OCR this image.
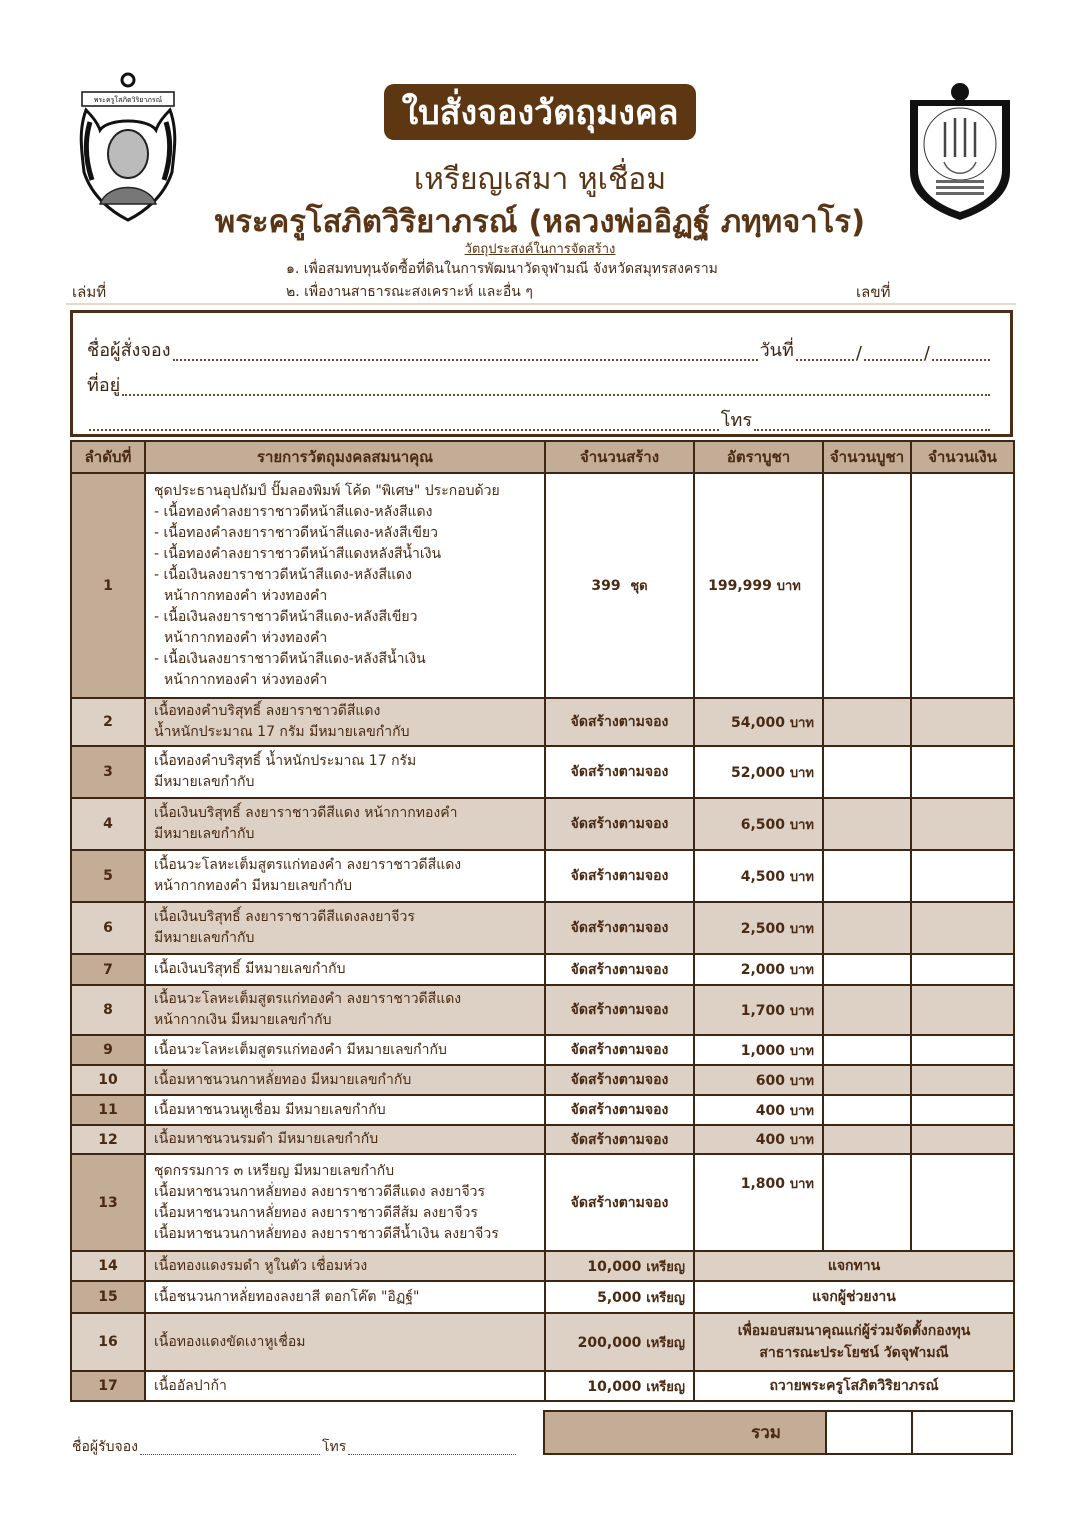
พระครูโสภิตวิริยาภรณ์	ใบสั่งจองวัตถุมงคล
เหรียญเสมา หูเชื่อม
พระครูโสภิตวิริยาภรณ์ (หลวงพ่ออิฏฐ์ ภทฺทจาโร)
วัตถุประสงค์ในการจัดสร้าง
๑. เพื่อสมทบทุนจัดซื้อที่ดินในการพัฒนาวัดจุฬามณี จังหวัดสมุทรสงคราม
๒. เพื่องานสาธารณะสงเคราะห์ และอื่น ๆ
เล่มที่	เลขที่
ชื่อผู้สั่งจอง	วันที่	/	/
ที่อยู่
โทร
ลำดับที่	รายการวัตถุมงคลสมนาคุณ	จำนวนสร้าง	อัตราบูชา	จำนวนบูชา	จำนวนเงิน
1	
ชุดประธานอุปถัมป์ ปั๊มลองพิมพ์ โค้ด "พิเศษ" ประกอบด้วย
- เนื้อทองคำลงยาราชาวดีหน้าสีแดง-หลังสีแดง
- เนื้อทองคำลงยาราชาวดีหน้าสีแดง-หลังสีเขียว
- เนื้อทองคำลงยาราชาวดีหน้าสีแดงหลังสีน้ำเงิน
- เนื้อเงินลงยาราชาวดีหน้าสีแดง-หลังสีแดง
หน้ากากทองคำ ห่วงทองคำ
- เนื้อเงินลงยาราชาวดีหน้าสีแดง-หลังสีเขียว
หน้ากากทองคำ ห่วงทองคำ
- เนื้อเงินลงยาราชาวดีหน้าสีแดง-หลังสีน้ำเงิน
หน้ากากทองคำ ห่วงทองคำ
	399 ชุด	199,999 บาท		
2	เนื้อทองคำบริสุทธิ์ ลงยาราชาวดีสีแดง
น้ำหนักประมาณ 17 กรัม มีหมายเลขกำกับ	จัดสร้างตามจอง	54,000 บาท		
3	เนื้อทองคำบริสุทธิ์ น้ำหนักประมาณ 17 กรัม
มีหมายเลขกำกับ	จัดสร้างตามจอง	52,000 บาท		
4	เนื้อเงินบริสุทธิ์ ลงยาราชาวดีสีแดง หน้ากากทองคำ
มีหมายเลขกำกับ	จัดสร้างตามจอง	6,500 บาท		
5	เนื้อนวะโลหะเต็มสูตรแก่ทองคำ ลงยาราชาวดีสีแดง
หน้ากากทองคำ มีหมายเลขกำกับ	จัดสร้างตามจอง	4,500 บาท		
6	เนื้อเงินบริสุทธิ์ ลงยาราชาวดีสีแดงลงยาจีวร
มีหมายเลขกำกับ	จัดสร้างตามจอง	2,500 บาท		
7	เนื้อเงินบริสุทธิ์ มีหมายเลขกำกับ	จัดสร้างตามจอง	2,000 บาท		
8	เนื้อนวะโลหะเต็มสูตรแก่ทองคำ ลงยาราชาวดีสีแดง
หน้ากากเงิน มีหมายเลขกำกับ	จัดสร้างตามจอง	1,700 บาท		
9	เนื้อนวะโลหะเต็มสูตรแก่ทองคำ มีหมายเลขกำกับ	จัดสร้างตามจอง	1,000 บาท		
10	เนื้อมหาชนวนกาหลั่ยทอง มีหมายเลขกำกับ	จัดสร้างตามจอง	600 บาท		
11	เนื้อมหาชนวนหูเชื่อม มีหมายเลขกำกับ	จัดสร้างตามจอง	400 บาท		
12	เนื้อมหาชนวนรมดำ มีหมายเลขกำกับ	จัดสร้างตามจอง	400 บาท		
13	ชุดกรรมการ ๓ เหรียญ มีหมายเลขกำกับ
เนื้อมหาชนวนกาหลั่ยทอง ลงยาราชาวดีสีแดง ลงยาจีวร
เนื้อมหาชนวนกาหลั่ยทอง ลงยาราชาวดีสีส้ม ลงยาจีวร
เนื้อมหาชนวนกาหลั่ยทอง ลงยาราชาวดีสีน้ำเงิน ลงยาจีวร	จัดสร้างตามจอง	1,800 บาท		
14	เนื้อทองแดงรมดำ หูในตัว เชื่อมห่วง	10,000 เหรียญ	แจกทาน		
15	เนื้อชนวนกาหลั่ยทองลงยาสี ตอกโค๊ต "อิฏฐ์"	5,000 เหรียญ	แจกผู้ช่วยงาน		
16	เนื้อทองแดงขัดเงาหูเชื่อม	200,000 เหรียญ	เพื่อมอบสมนาคุณแก่ผู้ร่วมจัดตั้งกองทุน
สาธารณะประโยชน์ วัดจุฬามณี		

17	เนื้ออัลปาก้า	10,000 เหรียญ	ถวายพระครูโสภิตวิริยาภรณ์		
ชื่อผู้รับจอง	โทร
รวม
